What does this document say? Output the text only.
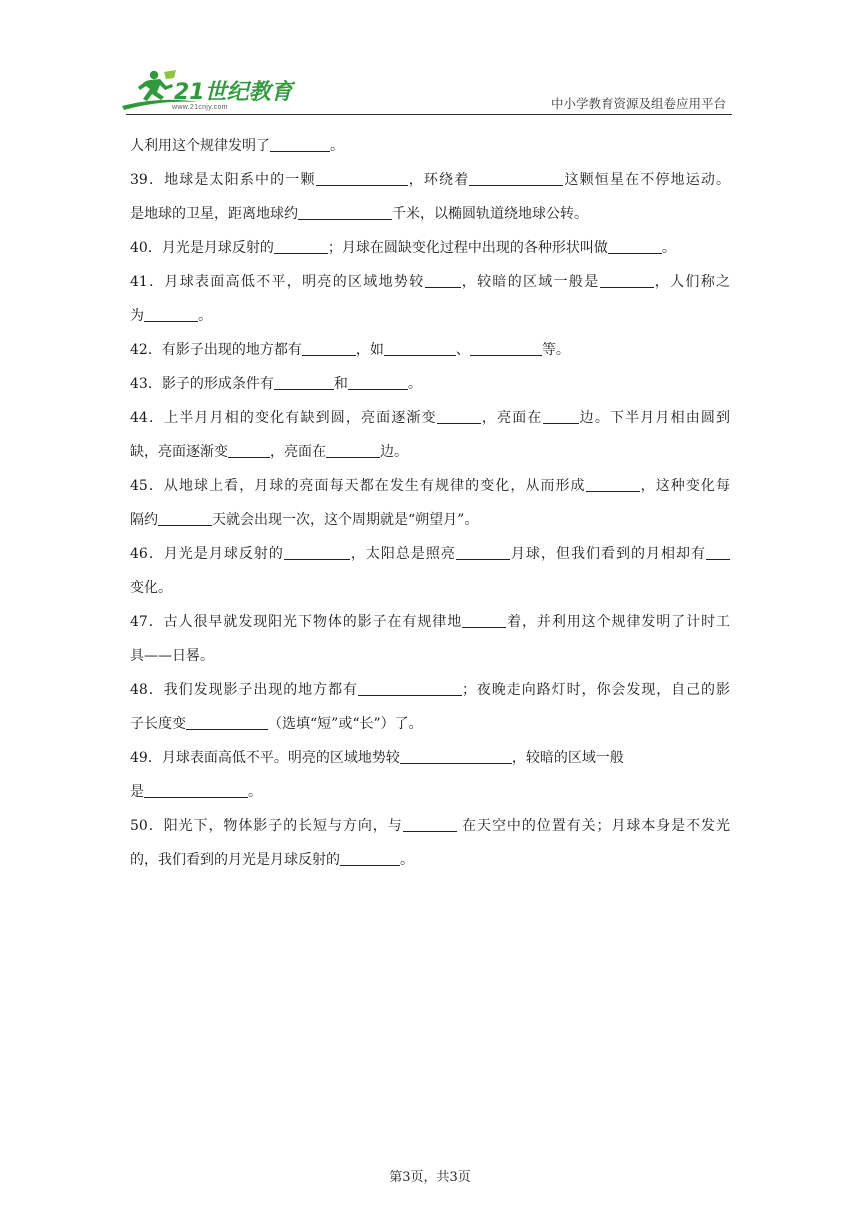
21世纪教育
www.21cnjy.com	中小学教育资源及组卷应用平台
人利用这个规律发明了	。
39．地球是太阳系中的一颗	，环绕着	这颗恒星在不停地运动。
是地球的卫星，距离地球约	千米，以椭圆轨道绕地球公转。
40．月光是月球反射的	；月球在圆缺变化过程中出现的各种形状叫做	。
41．月球表面高低不平，明亮的区域地势较	，较暗的区域一般是	，人们称之
为	。
42．有影子出现的地方都有	，如	、	等。
43．影子的形成条件有	和	。
44．上半月月相的变化有缺到圆，亮面逐渐变	，亮面在	边。下半月月相由圆到
缺，亮面逐渐变	，亮面在	边。
45．从地球上看，月球的亮面每天都在发生有规律的变化，从而形成	，这种变化每
隔约	天就会出现一次，这个周期就是“朔望月”。
46．月光是月球反射的	，太阳总是照亮	月球，但我们看到的月相却有
变化。
47．古人很早就发现阳光下物体的影子在有规律地	着，并利用这个规律发明了计时工
具——日晷。
48．我们发现影子出现的地方都有	；夜晚走向路灯时，你会发现，自己的影
子长度变	（选填“短”或“长”）了。
49．月球表面高低不平。明亮的区域地势较	，较暗的区域一般
是	。
50．阳光下，物体影子的长短与方向，与	在天空中的位置有关；月球本身是不发光
的，我们看到的月光是月球反射的	。
第3页，共3页
